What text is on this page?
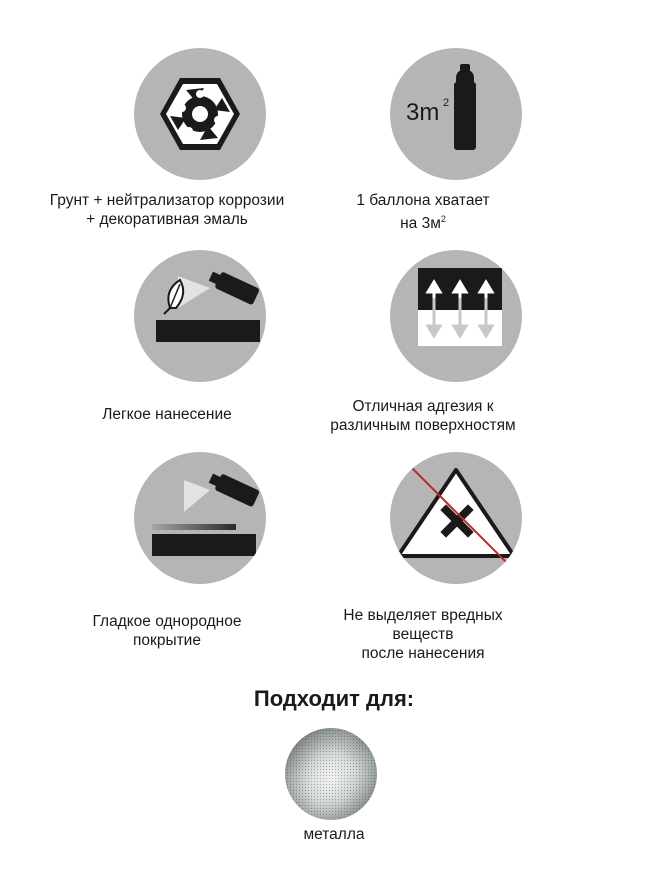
Грунт + нейтрализатор коррозии
+ декоративная эмаль
3m 2
1 баллона хватает
на $3м^2$
Легкое нанесение	Отличная адгезия к
различным поверхностям
Гладкое однородное
покрытие
Не выделяет вредных
веществ
после нанесения
Подходит для:
металла
